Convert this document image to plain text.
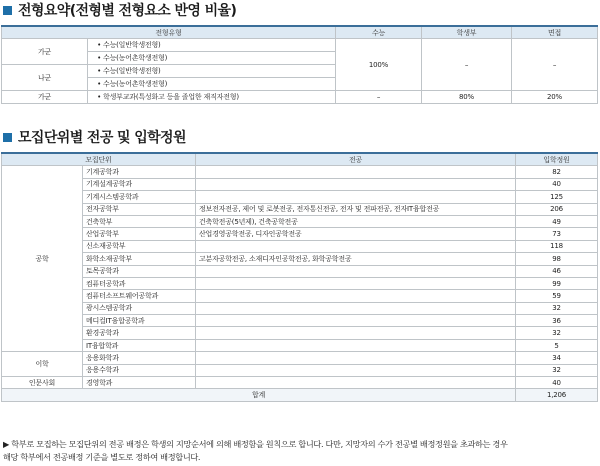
전형요약(전형별 전형요소 반영 비율)
전형유형		수능	학생부	면접
가군	• 수능(일반학생전형)	100%	–	–
	• 수능(농어촌학생전형)			
나군	• 수능(일반학생전형)			
	• 수능(농어촌학생전형)			
가군	• 학생부교과(특성화고 등을 졸업한 재직자전형)	–	80%	20%
모집단위별 전공 및 입학정원
모집단위		전공	입학정원
공학	기계공학과		82
	기계설계공학과		40
	기계시스템공학과		125
	전자공학부	정보전자전공, 제어 및 로봇전공, 전자통신전공, 전자 및 전파전공, 전자IT융합전공	206
	건축학부	건축학전공(5년제), 건축공학전공	49
	산업공학부	산업경영공학전공, 디자인공학전공	73
	신소재공학부		118
	화학소재공학부	고분자공학전공, 소재디자인공학전공, 화학공학전공	98
	토목공학과		46
	컴퓨터공학과		99
	컴퓨터소프트웨어공학과		59
	광시스템공학과		32
	메디컬IT융합공학과		36
	환경공학과		32
	IT융합학과		5
이학	응용화학과		34
	응용수학과		32
인문사회	경영학과		40
합계			1,206
▶ 학부로 모집하는 모집단위의 전공 배정은 학생의 지망순서에 의해 배정함을 원칙으로 합니다. 다만, 지망자의 수가 전공별 배정정원을 초과하는 경우
해당 학부에서 전공배정 기준을 별도로 정하여 배정합니다.
